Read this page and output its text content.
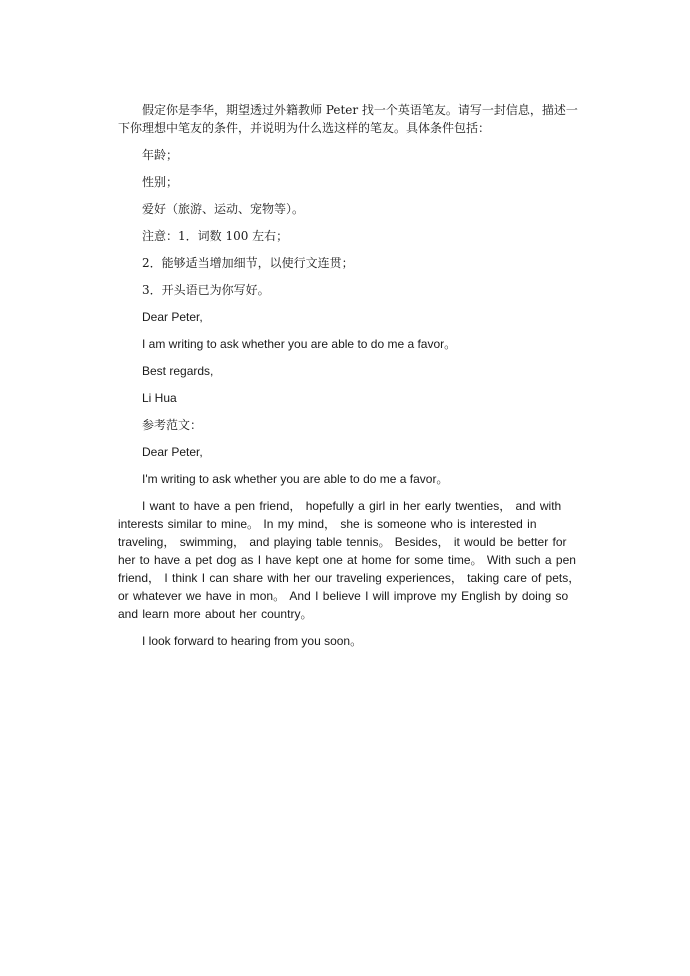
假定你是李华，期望透过外籍教师 Peter 找一个英语笔友。请写一封信息，描述一下你理想中笔友的条件，并说明为什么选这样的笔友。具体条件包括：

年龄；

性别；

爱好（旅游、运动、宠物等）。

注意：1．词数 100 左右；

2．能够适当增加细节，以使行文连贯；

3．开头语已为你写好。

Dear Peter,

I am writing to ask whether you are able to do me a favor。

Best regards,

Li Hua

参考范文：

Dear Peter,

I'm writing to ask whether you are able to do me a favor。

I want to have a pen friend， hopefully a girl in her early twenties， and with interests similar to mine。 In my mind， she is someone who is interested in traveling， swimming， and playing table tennis。 Besides， it would be better for her to have a pet dog as I have kept one at home for some time。 With such a pen friend， I think I can share with her our traveling experiences， taking care of pets， or whatever we have in mon。 And I believe I will improve my English by doing so and learn more about her country。

I look forward to hearing from you soon。
